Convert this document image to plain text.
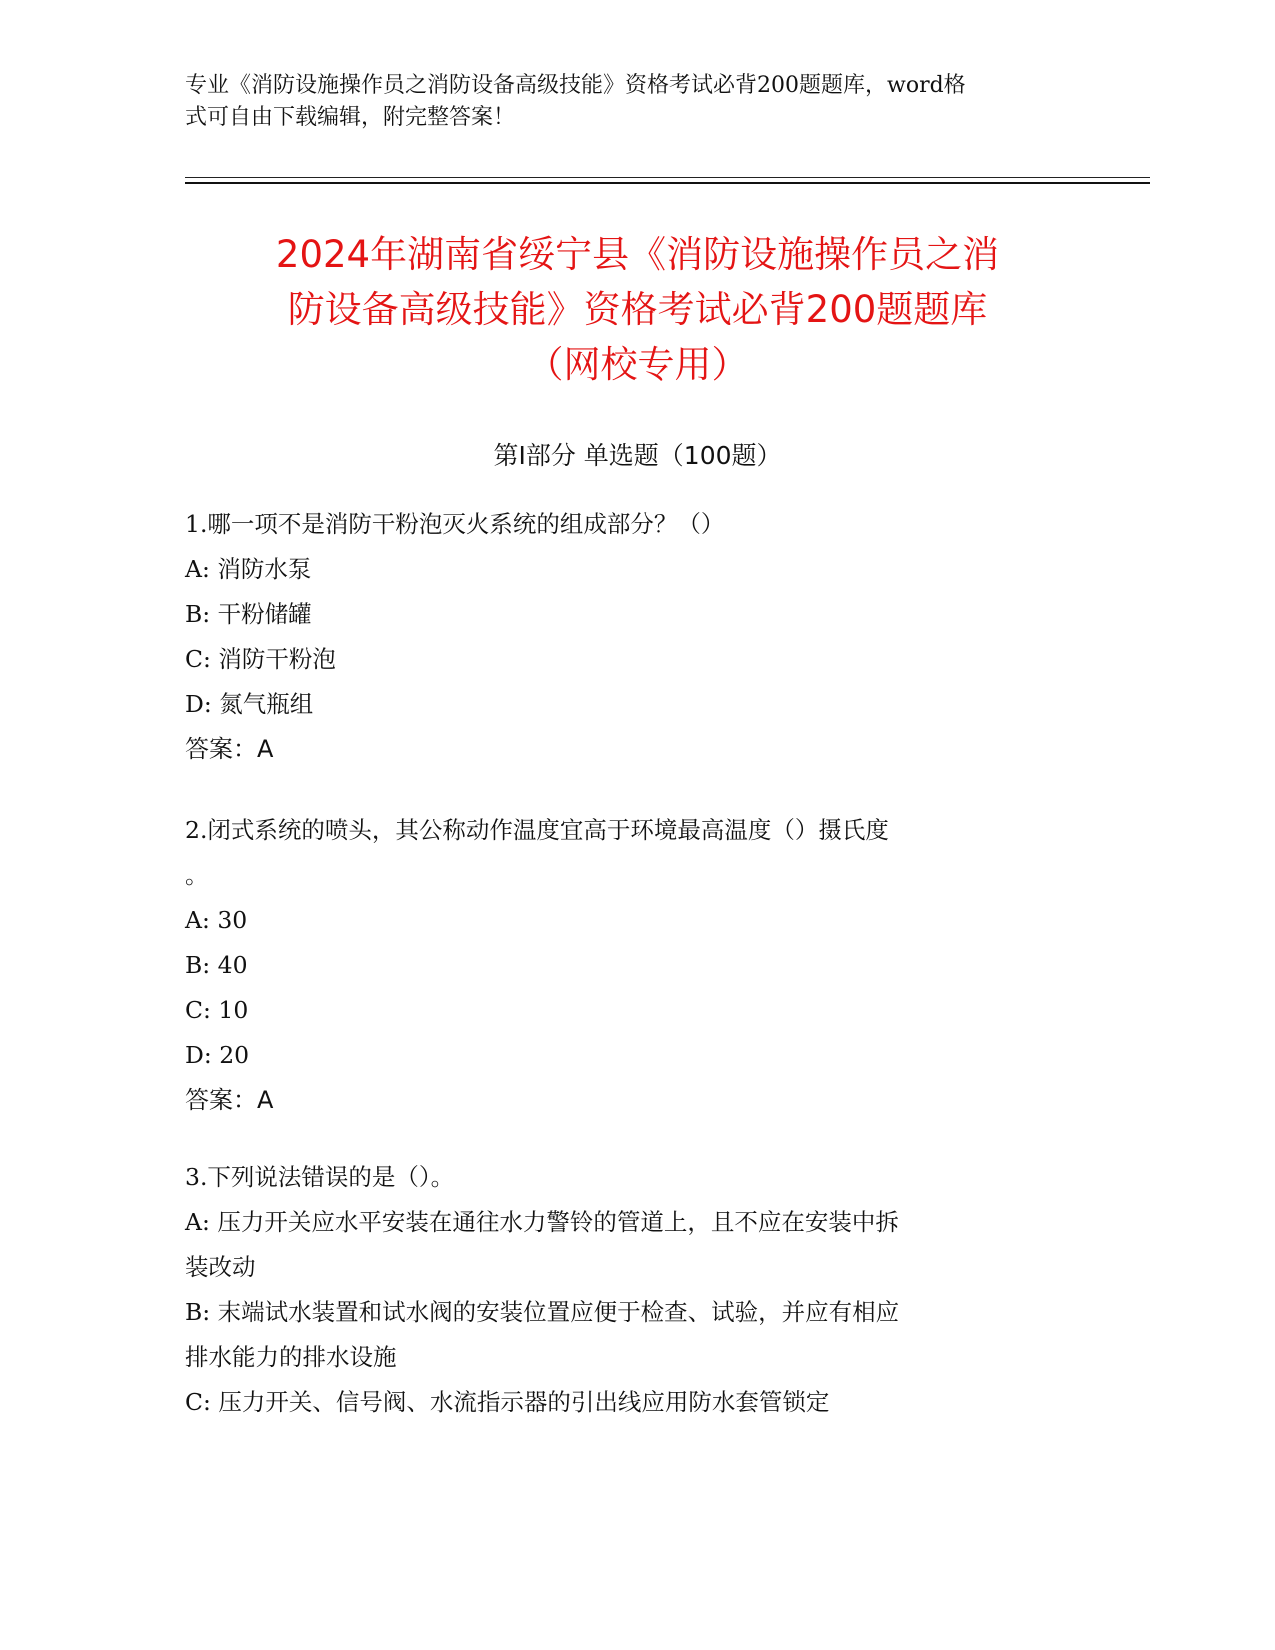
专业《消防设施操作员之消防设备高级技能》资格考试必背200题题库，word格
式可自由下载编辑，附完整答案！
2024年湖南省绥宁县《消防设施操作员之消
防设备高级技能》资格考试必背200题题库
（网校专用）
第Ⅰ部分 单选题（100题）
1.哪一项不是消防干粉泡灭火系统的组成部分？（）
A: 消防水泵
B: 干粉储罐
C: 消防干粉泡
D: 氮气瓶组
答案：A
2.闭式系统的喷头，其公称动作温度宜高于环境最高温度（）摄氏度
。
A: 30
B: 40
C: 10
D: 20
答案：A
3.下列说法错误的是（）。
A: 压力开关应水平安装在通往水力警铃的管道上，且不应在安装中拆
装改动
B: 末端试水装置和试水阀的安装位置应便于检查、试验，并应有相应
排水能力的排水设施
C: 压力开关、信号阀、水流指示器的引出线应用防水套管锁定
